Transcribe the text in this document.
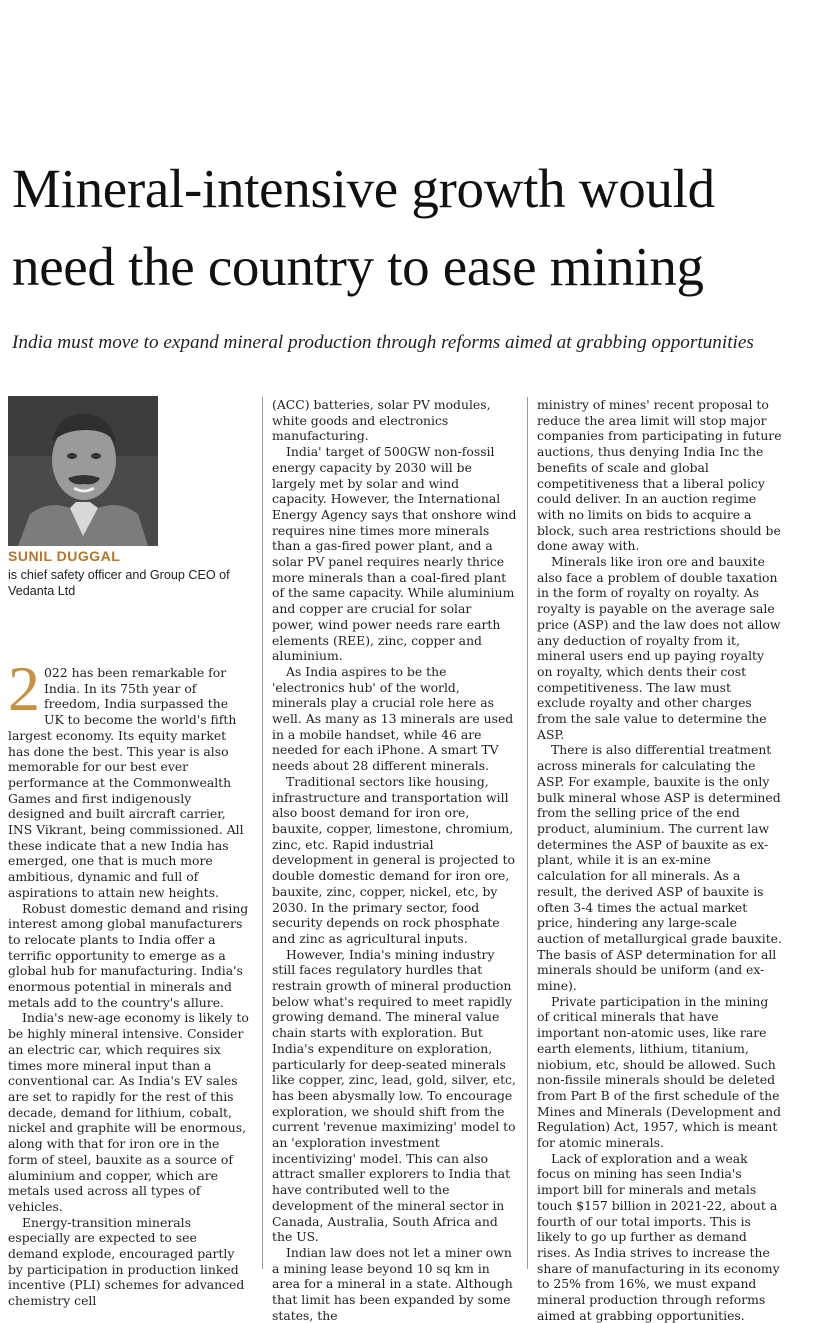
Mineral-intensive growth would need the country to ease mining

India must move to expand mineral production through reforms aimed at grabbing opportunities

SUNIL DUGGAL
is chief safety officer and Group CEO of Vedanta Ltd

2 022 has been remarkable for India. In its 75th year of freedom, India surpassed the UK to become the world's fifth largest economy. Its equity market has done the best. This year is also memorable for our best ever performance at the Commonwealth Games and first indigenously designed and built aircraft carrier, INS Vikrant, being commissioned. All these indicate that a new India has emerged, one that is much more ambitious, dynamic and full of aspirations to attain new heights.

Robust domestic demand and rising interest among global manufacturers to relocate plants to India offer a terrific opportunity to emerge as a global hub for manufacturing. India's enormous potential in minerals and metals add to the country's allure.

India's new-age economy is likely to be highly mineral intensive. Consider an electric car, which requires six times more mineral input than a conventional car. As India's EV sales are set to rapidly for the rest of this decade, demand for lithium, cobalt, nickel and graphite will be enormous, along with that for iron ore in the form of steel, bauxite as a source of aluminium and copper, which are metals used across all types of vehicles.

Energy-transition minerals especially are expected to see demand explode, encouraged partly by participation in production linked incentive (PLI) schemes for advanced chemistry cell

(ACC) batteries, solar PV modules, white goods and electronics manufacturing.

India' target of 500GW non-fossil energy capacity by 2030 will be largely met by solar and wind capacity. However, the International Energy Agency says that onshore wind requires nine times more minerals than a gas-fired power plant, and a solar PV panel requires nearly thrice more minerals than a coal-fired plant of the same capacity. While aluminium and copper are crucial for solar power, wind power needs rare earth elements (REE), zinc, copper and aluminium.

As India aspires to be the 'electronics hub' of the world, minerals play a crucial role here as well. As many as 13 minerals are used in a mobile handset, while 46 are needed for each iPhone. A smart TV needs about 28 different minerals.

Traditional sectors like housing, infrastructure and transportation will also boost demand for iron ore, bauxite, copper, limestone, chromium, zinc, etc. Rapid industrial development in general is projected to double domestic demand for iron ore, bauxite, zinc, copper, nickel, etc, by 2030. In the primary sector, food security depends on rock phosphate and zinc as agricultural inputs.

However, India's mining industry still faces regulatory hurdles that restrain growth of mineral production below what's required to meet rapidly growing demand. The mineral value chain starts with exploration. But India's expenditure on exploration, particularly for deep-seated minerals like copper, zinc, lead, gold, silver, etc, has been abysmally low. To encourage exploration, we should shift from the current 'revenue maximizing' model to an 'exploration investment incentivizing' model. This can also attract smaller explorers to India that have contributed well to the development of the mineral sector in Canada, Australia, South Africa and the US.

Indian law does not let a miner own a mining lease beyond 10 sq km in area for a mineral in a state. Although that limit has been expanded by some states, the

ministry of mines' recent proposal to reduce the area limit will stop major companies from participating in future auctions, thus denying India Inc the benefits of scale and global competitiveness that a liberal policy could deliver. In an auction regime with no limits on bids to acquire a block, such area restrictions should be done away with.

Minerals like iron ore and bauxite also face a problem of double taxation in the form of royalty on royalty. As royalty is payable on the average sale price (ASP) and the law does not allow any deduction of royalty from it, mineral users end up paying royalty on royalty, which dents their cost competitiveness. The law must exclude royalty and other charges from the sale value to determine the ASP.

There is also differential treatment across minerals for calculating the ASP. For example, bauxite is the only bulk mineral whose ASP is determined from the selling price of the end product, aluminium. The current law determines the ASP of bauxite as ex-plant, while it is an ex-mine calculation for all minerals. As a result, the derived ASP of bauxite is often 3-4 times the actual market price, hindering any large-scale auction of metallurgical grade bauxite. The basis of ASP determination for all minerals should be uniform (and ex-mine).

Private participation in the mining of critical minerals that have important non-atomic uses, like rare earth elements, lithium, titanium, niobium, etc, should be allowed. Such non-fissile minerals should be deleted from Part B of the first schedule of the Mines and Minerals (Development and Regulation) Act, 1957, which is meant for atomic minerals.

Lack of exploration and a weak focus on mining has seen India's import bill for minerals and metals touch $157 billion in 2021-22, about a fourth of our total imports. This is likely to go up further as demand rises. As India strives to increase the share of manufacturing in its economy to 25% from 16%, we must expand mineral production through reforms aimed at grabbing opportunities.
